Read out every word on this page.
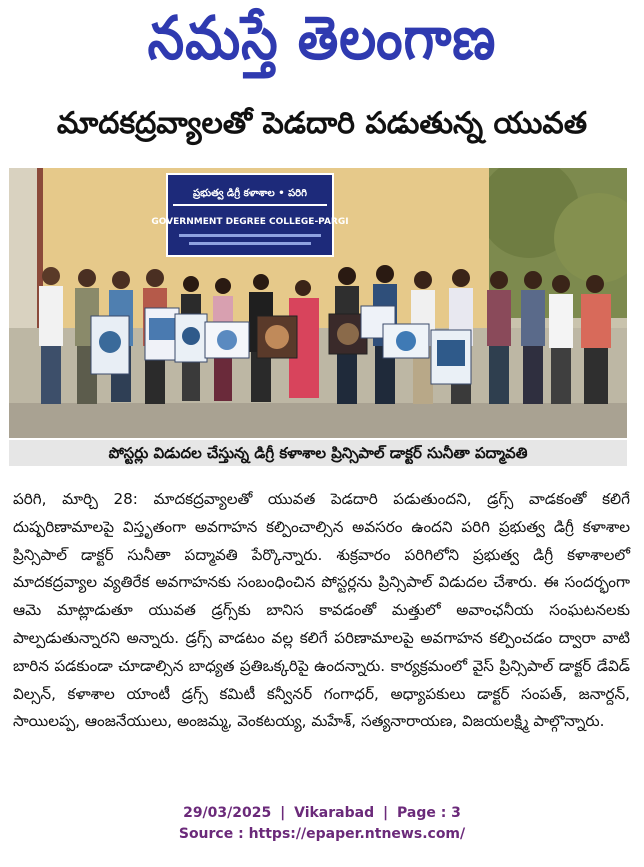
నమస్తే తెలంగాణ
మాదకద్రవ్యాలతో పెడదారి పడుతున్న యువత
ప్రభుత్వ డిగ్రీ కళాశాల • పరిగి
GOVERNMENT DEGREE COLLEGE-PARGI
పోస్టర్లు విడుదల చేస్తున్న డిగ్రీ కళాశాల ప్రిన్సిపాల్ డాక్టర్ సునీతా పద్మావతి

పరిగి, మార్చి 28: మాదకద్రవ్యాలతో యువత పెడదారి పడుతుందని, డ్రగ్స్ వాడకంతో కలిగే దుష్పరిణామాలపై విస్తృతంగా అవగాహన కల్పించాల్సిన అవసరం ఉందని పరిగి ప్రభుత్వ డిగ్రీ కళాశాల ప్రిన్సిపాల్ డాక్టర్ సునీతా పద్మావతి పేర్కొన్నారు. శుక్రవారం పరిగిలోని ప్రభుత్వ డిగ్రీ కళాశాలలో మాదకద్రవ్యాల వ్యతిరేక అవగాహనకు సంబంధించిన పోస్టర్లను ప్రిన్సిపాల్ విడుదల చేశారు. ఈ సందర్భంగా ఆమె మాట్లాడుతూ యువత డ్రగ్స్‌కు బానిస కావడంతో మత్తులో అవాంఛనీయ సంఘటనలకు పాల్పడుతున్నారని అన్నారు. డ్రగ్స్ వాడటం వల్ల కలిగే పరిణామాలపై అవగాహన కల్పించడం ద్వారా వాటి బారిన పడకుండా చూడాల్సిన బాధ్యత ప్రతిఒక్కరిపై ఉందన్నారు. కార్యక్రమంలో వైస్ ప్రిన్సిపాల్ డాక్టర్ డేవిడ్ విల్సన్, కళాశాల యాంటీ డ్రగ్స్ కమిటీ కన్వీనర్ గంగాధర్, అధ్యాపకులు డాక్టర్ సంపత్, జనార్దన్, సాయిలప్ప, ఆంజనేయులు, అంజమ్మ, వెంకటయ్య, మహేశ్, సత్యనారాయణ, విజయలక్ష్మి పాల్గొన్నారు.

29/03/2025 | Vikarabad | Page : 3
Source : https://epaper.ntnews.com/
